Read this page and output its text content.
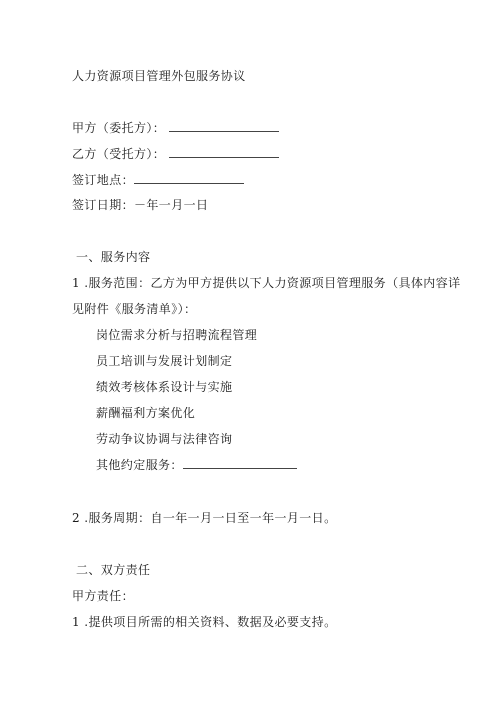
人力资源项目管理外包服务协议
甲方（委托方）：
乙方（受托方）：
签订地点：
签订日期：－年一月一日
一、服务内容
1 .服务范围：乙方为甲方提供以下人力资源项目管理服务（具体内容详
见附件《服务清单》）：
岗位需求分析与招聘流程管理
员工培训与发展计划制定
绩效考核体系设计与实施
薪酬福利方案优化
劳动争议协调与法律咨询
其他约定服务：
2 .服务周期：自一年一月一日至一年一月一日。
二、双方责任
甲方责任：
1 .提供项目所需的相关资料、数据及必要支持。
